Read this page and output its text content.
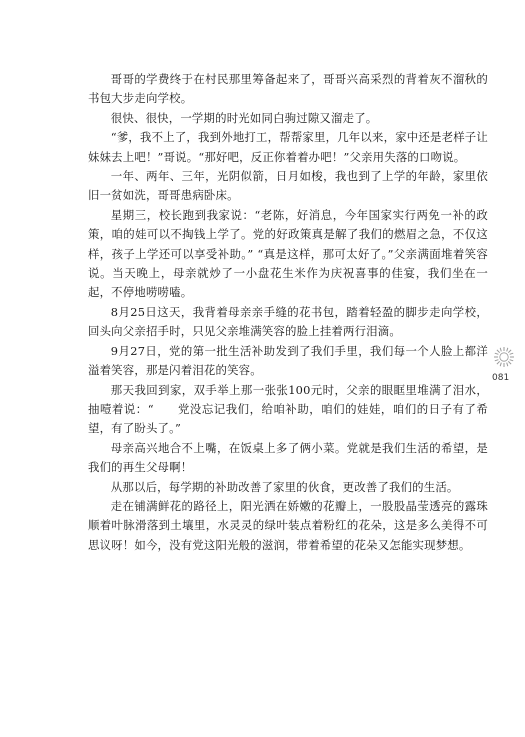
哥哥的学费终于在村民那里筹备起来了，哥哥兴高采烈的背着灰不溜秋的书包大步走向学校。

很快、很快，一学期的时光如同白驹过隙又溜走了。

“爹，我不上了，我到外地打工，帮帮家里，几年以来，家中还是老样子让妹妹去上吧！”哥说。“那好吧，反正你着着办吧！”父亲用失落的口吻说。

一年、两年、三年，光阴似箭，日月如梭，我也到了上学的年龄，家里依旧一贫如洗，哥哥患病卧床。

星期三，校长跑到我家说：“老陈，好消息，今年国家实行两免一补的政策，咱的娃可以不掏钱上学了。党的好政策真是解了我们的燃眉之急，不仅这样，孩子上学还可以享受补助。” “真是这样，那可太好了。”父亲满面堆着笑容说。当天晚上，母亲就炒了一小盘花生米作为庆祝喜事的佳宴，我们坐在一起，不停地唠唠嗑。

8月25日这天，我背着母亲亲手缝的花书包，踏着轻盈的脚步走向学校，回头向父亲招手时，只见父亲堆满笑容的脸上挂着两行泪滴。

9月27日，党的第一批生活补助发到了我们手里，我们每一个人脸上都洋溢着笑容，那是闪着泪花的笑容。

那天我回到家，双手举上那一张张100元时，父亲的眼眶里堆满了泪水，抽噎着说：“　　党没忘记我们，给咱补助，咱们的娃娃，咱们的日子有了希望，有了盼头了。”

母亲高兴地合不上嘴，在饭桌上多了俩小菜。党就是我们生活的希望，是我们的再生父母啊！

从那以后，每学期的补助改善了家里的伙食，更改善了我们的生活。

走在铺满鲜花的路径上，阳光洒在娇嫩的花瓣上，一股股晶莹透亮的露珠顺着叶脉滑落到土壤里，水灵灵的绿叶装点着粉红的花朵，这是多么美得不可思议呀！如今，没有党这阳光般的滋润，带着希望的花朵又怎能实现梦想。

081
